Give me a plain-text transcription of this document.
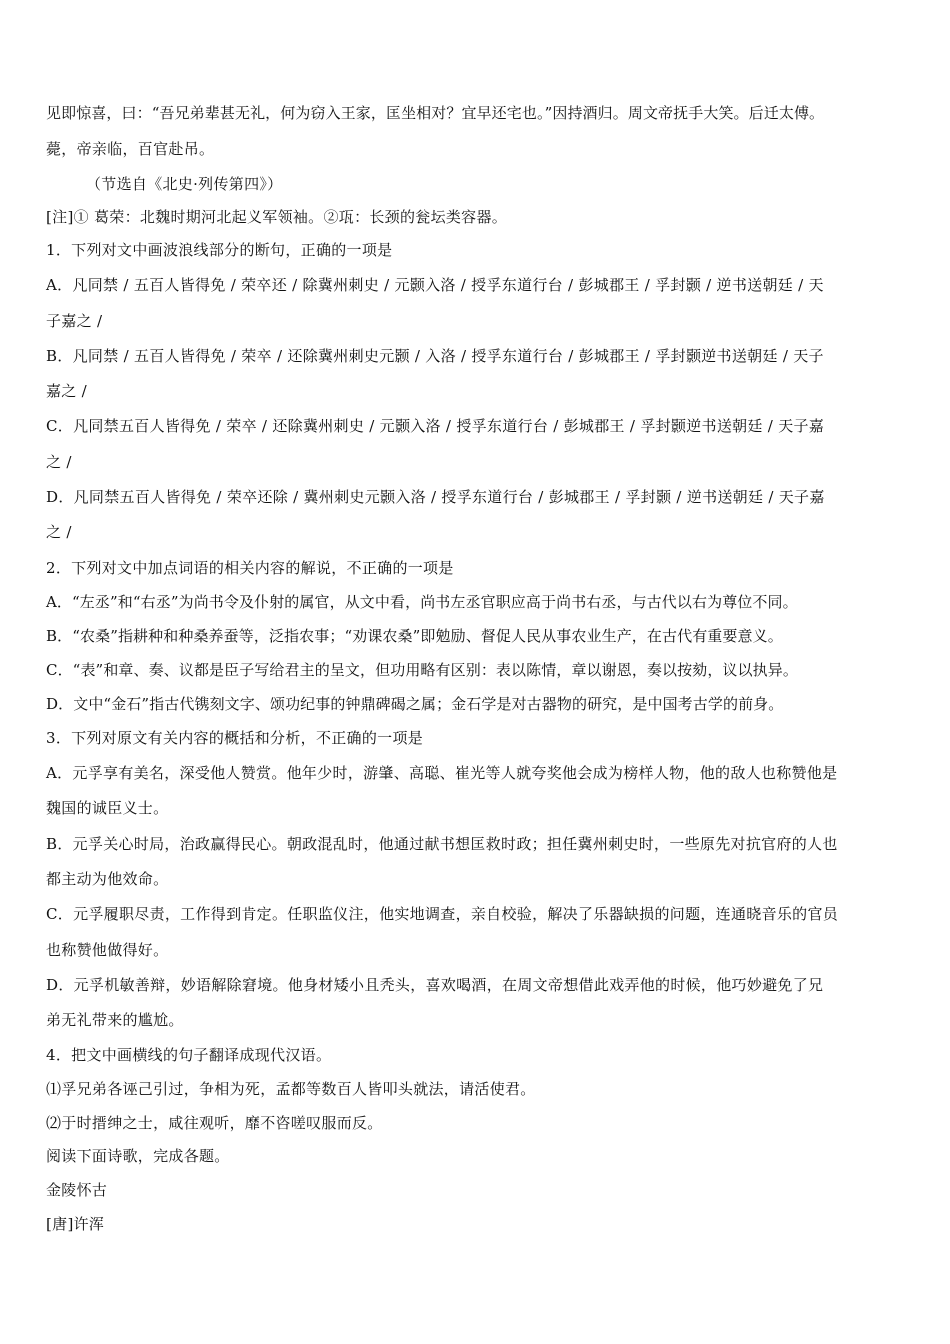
见即惊喜，曰：“吾兄弟辈甚无礼，何为窃入王家，匡坐相对？宜早还宅也。”因持酒归。周文帝抚手大笑。后迁太傅。
薨，帝亲临，百官赴吊。
（节选自《北史·列传第四》）
[注]① 葛荣：北魏时期河北起义军领袖。②瓨：长颈的瓮坛类容器。
1．下列对文中画波浪线部分的断句，正确的一项是
A．凡同禁 / 五百人皆得免 / 荣卒还 / 除冀州刺史 / 元颢入洛 / 授孚东道行台 / 彭城郡王 / 孚封颢 / 逆书送朝廷 / 天
子嘉之 /
B．凡同禁 / 五百人皆得免 / 荣卒 / 还除冀州刺史元颢 / 入洛 / 授孚东道行台 / 彭城郡王 / 孚封颢逆书送朝廷 / 天子
嘉之 /
C．凡同禁五百人皆得免 / 荣卒 / 还除冀州刺史 / 元颢入洛 / 授孚东道行台 / 彭城郡王 / 孚封颢逆书送朝廷 / 天子嘉
之 /
D．凡同禁五百人皆得免 / 荣卒还除 / 冀州刺史元颢入洛 / 授孚东道行台 / 彭城郡王 / 孚封颢 / 逆书送朝廷 / 天子嘉
之 /
2．下列对文中加点词语的相关内容的解说，不正确的一项是
A．“左丞”和“右丞”为尚书令及仆射的属官，从文中看，尚书左丞官职应高于尚书右丞，与古代以右为尊位不同。
B．“农桑”指耕种和种桑养蚕等，泛指农事；“劝课农桑”即勉励、督促人民从事农业生产，在古代有重要意义。
C．“表”和章、奏、议都是臣子写给君主的呈文，但功用略有区别：表以陈情，章以谢恩，奏以按劾，议以执异。
D．文中“金石”指古代镌刻文字、颂功纪事的钟鼎碑碣之属；金石学是对古器物的研究，是中国考古学的前身。
3．下列对原文有关内容的概括和分析，不正确的一项是
A．元孚享有美名，深受他人赞赏。他年少时，游肇、高聪、崔光等人就夸奖他会成为榜样人物，他的敌人也称赞他是
魏国的诚臣义士。
B．元孚关心时局，治政赢得民心。朝政混乱时，他通过献书想匡救时政；担任冀州刺史时，一些原先对抗官府的人也
都主动为他效命。
C．元孚履职尽责，工作得到肯定。任职监仪注，他实地调查，亲自校验，解决了乐器缺损的问题，连通晓音乐的官员
也称赞他做得好。
D．元孚机敏善辩，妙语解除窘境。他身材矮小且秃头，喜欢喝酒，在周文帝想借此戏弄他的时候，他巧妙避免了兄
弟无礼带来的尴尬。
4．把文中画横线的句子翻译成现代汉语。
⑴孚兄弟各诬己引过，争相为死，孟都等数百人皆叩头就法，请活使君。
⑵于时搢绅之士，咸往观听，靡不咨嗟叹服而反。
阅读下面诗歌，完成各题。
金陵怀古
[唐]许浑
